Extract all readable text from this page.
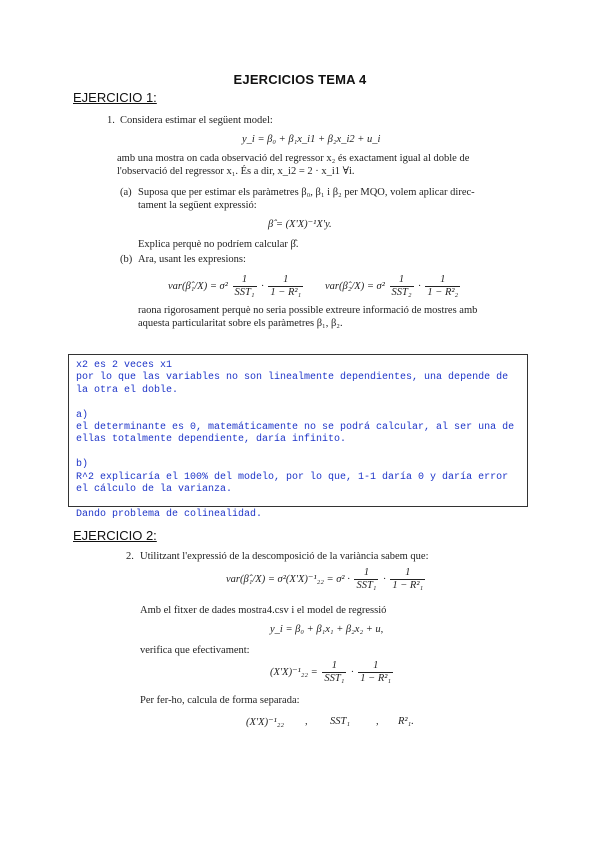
EJERCICIOS TEMA 4
EJERCICIO 1:
1. Considera estimar el següent model:
y_i = β₀ + β₁x_i1 + β₂x_i2 + u_i
amb una mostra on cada observació del regressor x₂ és exactament igual al doble de
l'observació del regressor x₁. És a dir, x_i2 = 2 · x_i1 ∀i.
(a) Suposa que per estimar els paràmetres β₀, β₁ i β₂ per MQO, volem aplicar direc-
tament la següent expressió:
β̂ = (X'X)⁻¹X'y.
Explica perquè no podríem calcular β̂.
(b) Ara, usant les expresions:
var(β̂₁/X) = $\sigma^2 \frac{1}{\text{SST₁}} \cdot \frac{1}{\text{1 − R²₁}}$ var(β̂₂/X) = $\sigma^2 \frac{1}{\text{SST₂}} \cdot \frac{1}{\text{1 − R²₂}}$
raona rigorosament perquè no seria possible extreure informació de mostres amb
aquesta particularitat sobre els paràmetres β₁, β₂.

x2 es 2 veces x1

por lo que las variables no son linealmente dependientes, una depende de la otra el doble.

a)

el determinante es 0, matemáticamente no se podrá calcular, al ser una de ellas totalmente dependiente, daría infinito.

b)

R^2 explicaría el 100% del modelo, por lo que, 1-1 daría 0 y daría error el cálculo de la varianza.

Dando problema de colinealidad.

EJERCICIO 2:
2. Utilitzant l'expressió de la descomposició de la variància sabem que:
var(β̂₁/X) = $\sigma^2(X'X)^{-1}_{22} = \sigma^2 \cdot \frac{1}{\text{SST₁}} \cdot \frac{1}{\text{1 − R²₁}}$
Amb el fitxer de dades mostra4.csv i el model de regressió
y_i = β₀ + β₁x₁ + β₂x₂ + u,
verifica que efectivament:
$(X'X)^{-1}_{22} = \frac{1}{\text{SST₁}} \cdot \frac{1}{\text{1 − R²₁}}$
Per fer-ho, calcula de forma separada:
(X'X)⁻¹₂₂ , SST₁ , R²₁.
